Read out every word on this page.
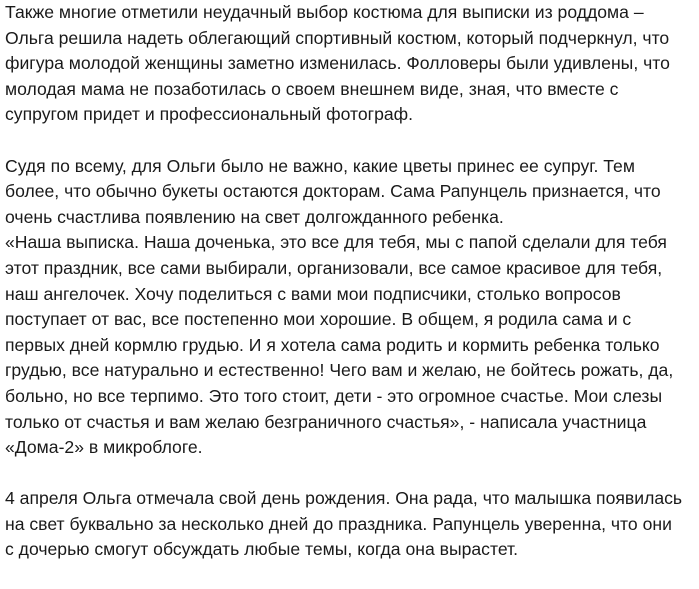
Также многие отметили неудачный выбор костюма для выписки из роддома –
Ольга решила надеть облегающий спортивный костюм, который подчеркнул, что
фигура молодой женщины заметно изменилась. Фолловеры были удивлены, что
молодая мама не позаботилась о своем внешнем виде, зная, что вместе с
супругом придет и профессиональный фотограф.

Судя по всему, для Ольги было не важно, какие цветы принес ее супруг. Тем
более, что обычно букеты остаются докторам. Сама Рапунцель признается, что
очень счастлива появлению на свет долгожданного ребенка.
«Наша выписка. Наша доченька, это все для тебя, мы с папой сделали для тебя
этот праздник, все сами выбирали, организовали, все самое красивое для тебя,
наш ангелочек. Хочу поделиться с вами мои подписчики, столько вопросов
поступает от вас, все постепенно мои хорошие. В общем, я родила сама и с
первых дней кормлю грудью. И я хотела сама родить и кормить ребенка только
грудью, все натурально и естественно! Чего вам и желаю, не бойтесь рожать, да,
больно, но все терпимо. Это того стоит, дети - это огромное счастье. Мои слезы
только от счастья и вам желаю безграничного счастья», - написала участница
«Дома-2» в микроблоге.

4 апреля Ольга отмечала свой день рождения. Она рада, что малышка появилась
на свет буквально за несколько дней до праздника. Рапунцель уверенна, что они
с дочерью смогут обсуждать любые темы, когда она вырастет.
